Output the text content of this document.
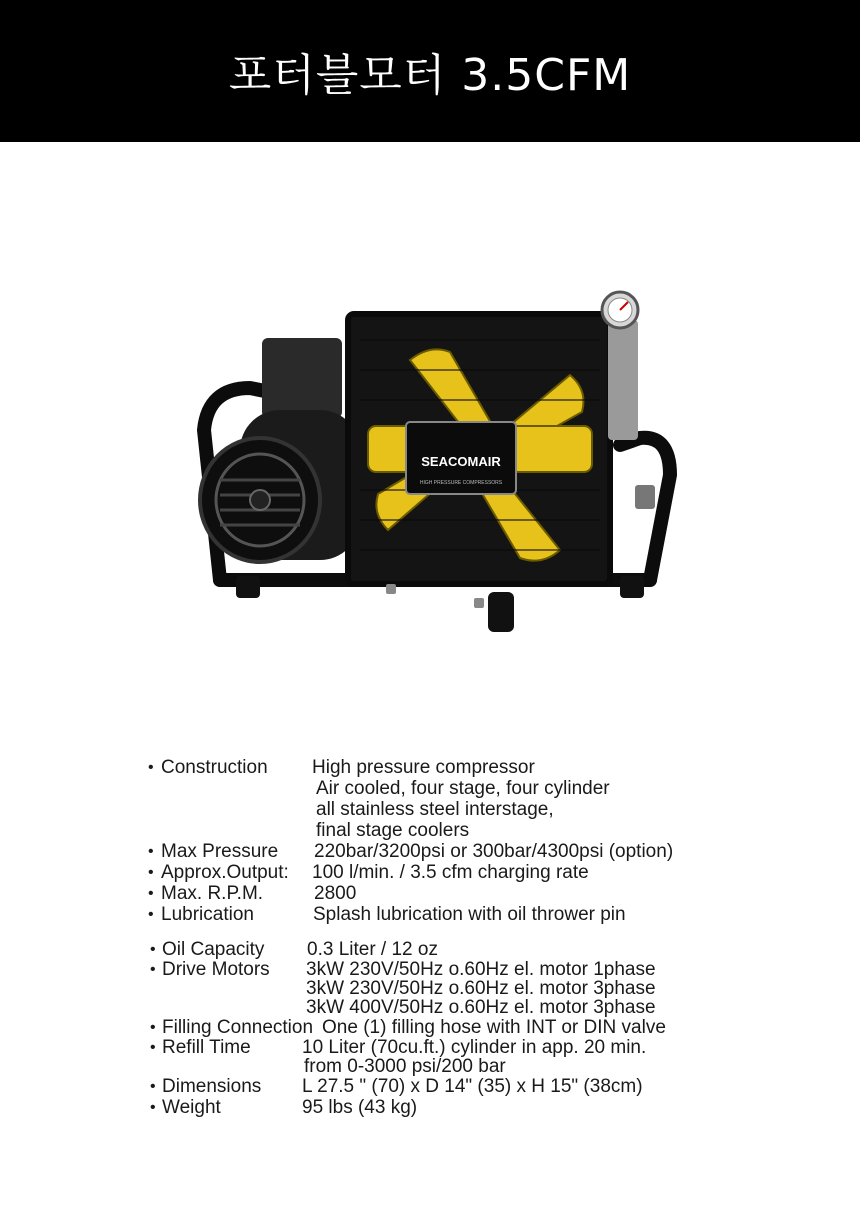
포터블모터 3.5CFM
SEACOMAIR
HIGH PRESSURE COMPRESSORS
• Construction High pressure compressor
Air cooled, four stage, four cylinder
all stainless steel interstage,
final stage coolers
• Max Pressure 220bar/3200psi or 300bar/4300psi (option)
• Approx.Output: 100 l/min. / 3.5 cfm charging rate
• Max. R.P.M.	2800
• Lubrication	Splash lubrication with oil thrower pin
• Oil Capacity 0.3 Liter / 12 oz
• Drive Motors 3kW 230V/50Hz o.60Hz el. motor 1phase
3kW 230V/50Hz o.60Hz el. motor 3phase
3kW 400V/50Hz o.60Hz el. motor 3phase
• Filling Connection One (1) filling hose with INT or DIN valve
• Refill Time	10 Liter (70cu.ft.) cylinder in app. 20 min.
from 0-3000 psi/200 bar
• Dimensions L 27.5 " (70) x D 14" (35) x H 15" (38cm)
• Weight	95 lbs (43 kg)
